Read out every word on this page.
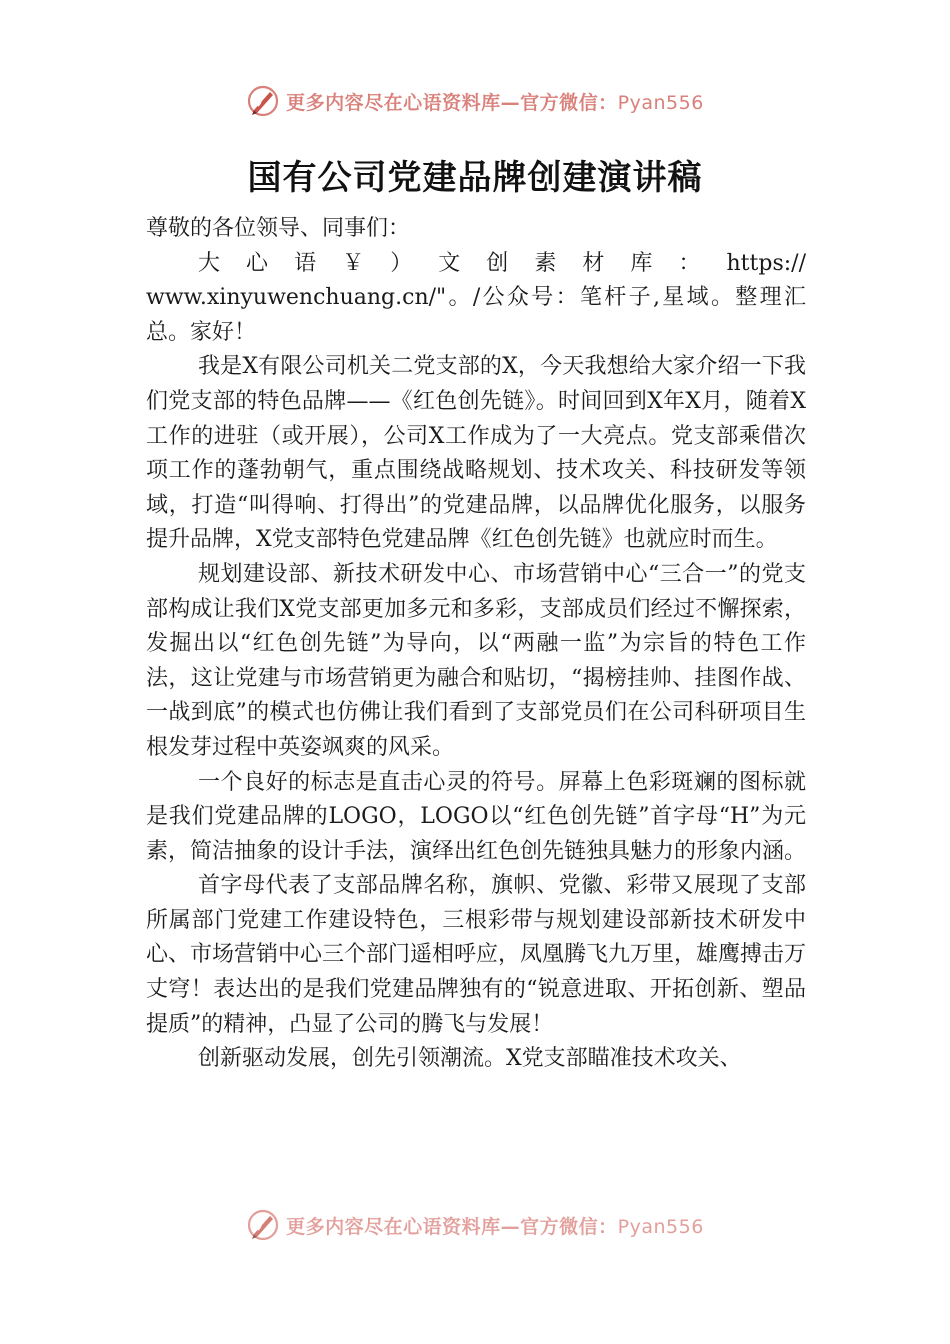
更多内容尽在心语资料库—官方微信：Pyan556
国有公司党建品牌创建演讲稿

尊敬的各位领导、同事们：

大 心 语 ￥ ） 文 创 素 材 库 ： https://

www.xinyuwenchuang.cn/"。/公众号：笔杆子,星域。整理汇总。家好！

我是X有限公司机关二党支部的X，今天我想给大家介绍一下我们党支部的特色品牌——《红色创先链》。时间回到X年X月，随着X工作的进驻（或开展），公司X工作成为了一大亮点。党支部乘借次项工作的蓬勃朝气，重点围绕战略规划、技术攻关、科技研发等领域，打造“叫得响、打得出”的党建品牌，以品牌优化服务，以服务提升品牌，X党支部特色党建品牌《红色创先链》也就应时而生。

规划建设部、新技术研发中心、市场营销中心“三合一”的党支部构成让我们X党支部更加多元和多彩，支部成员们经过不懈探索，发掘出以“红色创先链”为导向，以“两融一监”为宗旨的特色工作法，这让党建与市场营销更为融合和贴切，“揭榜挂帅、挂图作战、一战到底”的模式也仿佛让我们看到了支部党员们在公司科研项目生根发芽过程中英姿飒爽的风采。

一个良好的标志是直击心灵的符号。屏幕上色彩斑斓的图标就是我们党建品牌的LOGO，LOGO以“红色创先链”首字母“H”为元素，简洁抽象的设计手法，演绎出红色创先链独具魅力的形象内涵。

首字母代表了支部品牌名称，旗帜、党徽、彩带又展现了支部所属部门党建工作建设特色，三根彩带与规划建设部新技术研发中心、市场营销中心三个部门遥相呼应，凤凰腾飞九万里，雄鹰搏击万丈穹！表达出的是我们党建品牌独有的“锐意进取、开拓创新、塑品提质”的精神，凸显了公司的腾飞与发展！

创新驱动发展，创先引领潮流。X党支部瞄准技术攻关、

更多内容尽在心语资料库—官方微信：Pyan556
